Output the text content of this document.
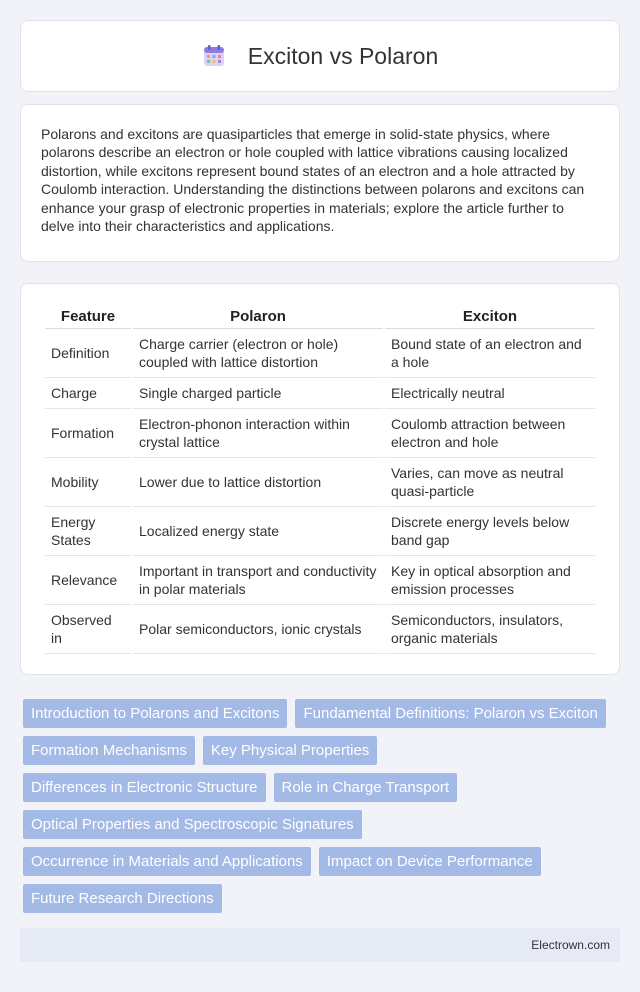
Exciton vs Polaron

Polarons and excitons are quasiparticles that emerge in solid-state physics, where polarons describe an electron or hole coupled with lattice vibrations causing localized distortion, while excitons represent bound states of an electron and a hole attracted by Coulomb interaction. Understanding the distinctions between polarons and excitons can enhance your grasp of electronic properties in materials; explore the article further to delve into their characteristics and applications.

Feature	Polaron	Exciton
Definition	Charge carrier (electron or hole) coupled with lattice distortion	Bound state of an electron and a hole
Charge	Single charged particle	Electrically neutral
Formation	Electron-phonon interaction within crystal lattice	Coulomb attraction between electron and hole
Mobility	Lower due to lattice distortion	Varies, can move as neutral quasi-particle
Energy States	Localized energy state	Discrete energy levels below band gap
Relevance	Important in transport and conductivity in polar materials	Key in optical absorption and emission processes
Observed in	Polar semiconductors, ionic crystals	Semiconductors, insulators, organic materials
Introduction to Polarons and Excitons	Fundamental Definitions: Polaron vs Exciton
Formation Mechanisms	Key Physical Properties
Differences in Electronic Structure	Role in Charge Transport
Optical Properties and Spectroscopic Signatures
Occurrence in Materials and Applications	Impact on Device Performance
Future Research Directions
Electrown.com
